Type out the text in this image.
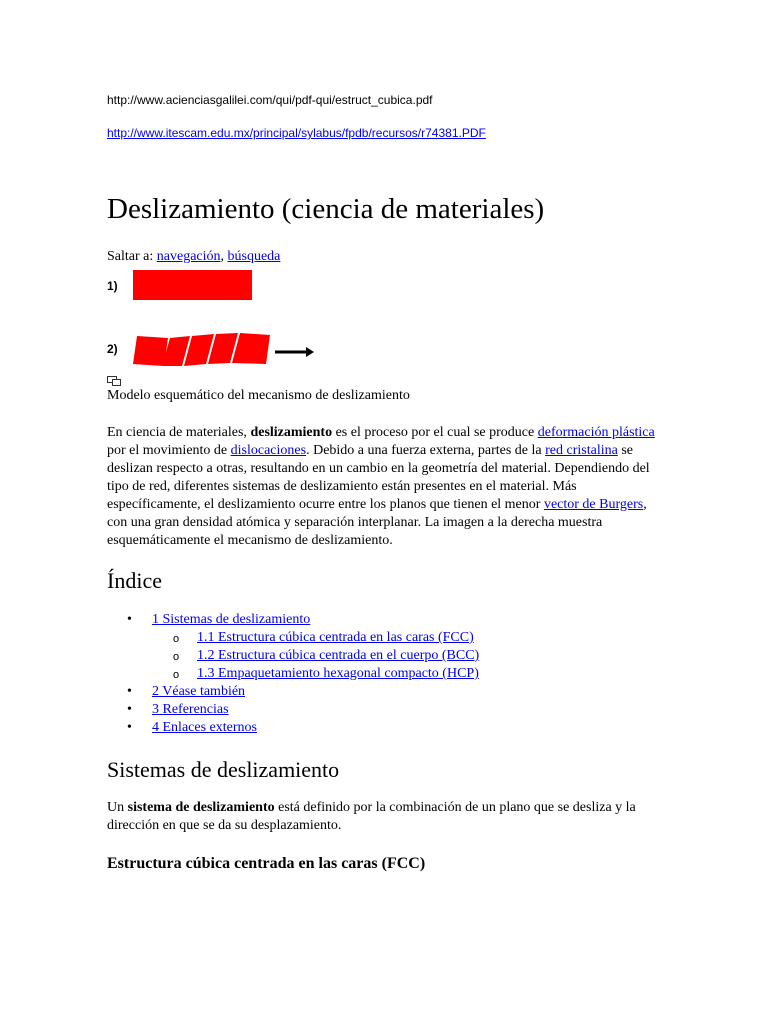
http://www.acienciasgalilei.com/qui/pdf-qui/estruct_cubica.pdf
http://www.itescam.edu.mx/principal/sylabus/fpdb/recursos/r74381.PDF
Deslizamiento (ciencia de materiales)
Saltar a: navegación, búsqueda
1)
2)
Modelo esquemático del mecanismo de deslizamiento

En ciencia de materiales, deslizamiento es el proceso por el cual se produce deformación plástica por el movimiento de dislocaciones. Debido a una fuerza externa, partes de la red cristalina se deslizan respecto a otras, resultando en un cambio en la geometría del material. Dependiendo del tipo de red, diferentes sistemas de deslizamiento están presentes en el material. Más específicamente, el deslizamiento ocurre entre los planos que tienen el menor vector de Burgers, con una gran densidad atómica y separación interplanar. La imagen a la derecha muestra esquemáticamente el mecanismo de deslizamiento.

Índice
• 1 Sistemas de deslizamiento
o 1.1 Estructura cúbica centrada en las caras (FCC)
o 1.2 Estructura cúbica centrada en el cuerpo (BCC)
o 1.3 Empaquetamiento hexagonal compacto (HCP)
• 2 Véase también
• 3 Referencias
• 4 Enlaces externos
Sistemas de deslizamiento

Un sistema de deslizamiento está definido por la combinación de un plano que se desliza y la dirección en que se da su desplazamiento.

Estructura cúbica centrada en las caras (FCC)
